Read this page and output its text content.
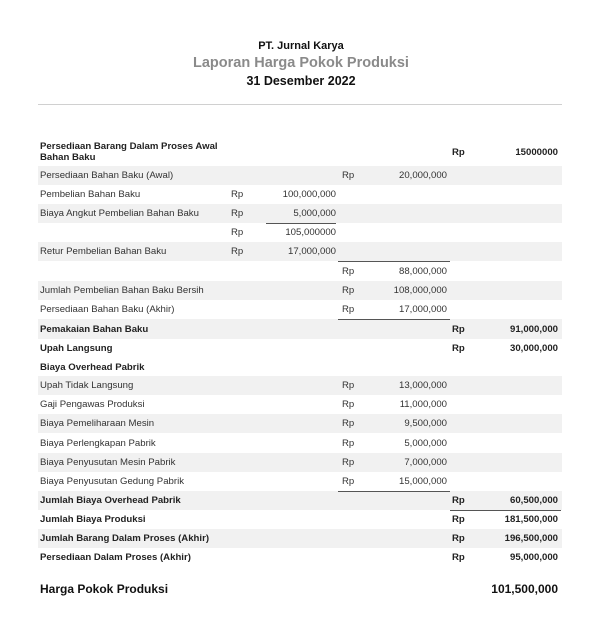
PT. Jurnal Karya
Laporan Harga Pokok Produksi
31 Desember 2022
Persediaan Barang Dalam Proses Awal
Bahan Baku	Rp	15000000
Persediaan Bahan Baku (Awal)	Rp	20,000,000
Pembelian Bahan Baku	Rp	100,000,000
Biaya Angkut Pembelian Bahan Baku	Rp	5,000,000
Rp	105,000000
Retur Pembelian Bahan Baku	Rp	17,000,000
Rp	88,000,000
Jumlah Pembelian Bahan Baku Bersih	Rp	108,000,000
Persediaan Bahan Baku (Akhir)	Rp	17,000,000
Pemakaian Bahan Baku	Rp	91,000,000
Upah Langsung	Rp	30,000,000
Biaya Overhead Pabrik
Upah Tidak Langsung	Rp	13,000,000
Gaji Pengawas Produksi	Rp	11,000,000
Biaya Pemeliharaan Mesin	Rp	9,500,000
Biaya Perlengkapan Pabrik	Rp	5,000,000
Biaya Penyusutan Mesin Pabrik	Rp	7,000,000
Biaya Penyusutan Gedung Pabrik	Rp	15,000,000
Jumlah Biaya Overhead Pabrik	Rp	60,500,000
Jumlah Biaya Produksi	Rp	181,500,000
Jumlah Barang Dalam Proses (Akhir)	Rp	196,500,000
Persediaan Dalam Proses (Akhir)	Rp	95,000,000
Harga Pokok Produksi	101,500,000
